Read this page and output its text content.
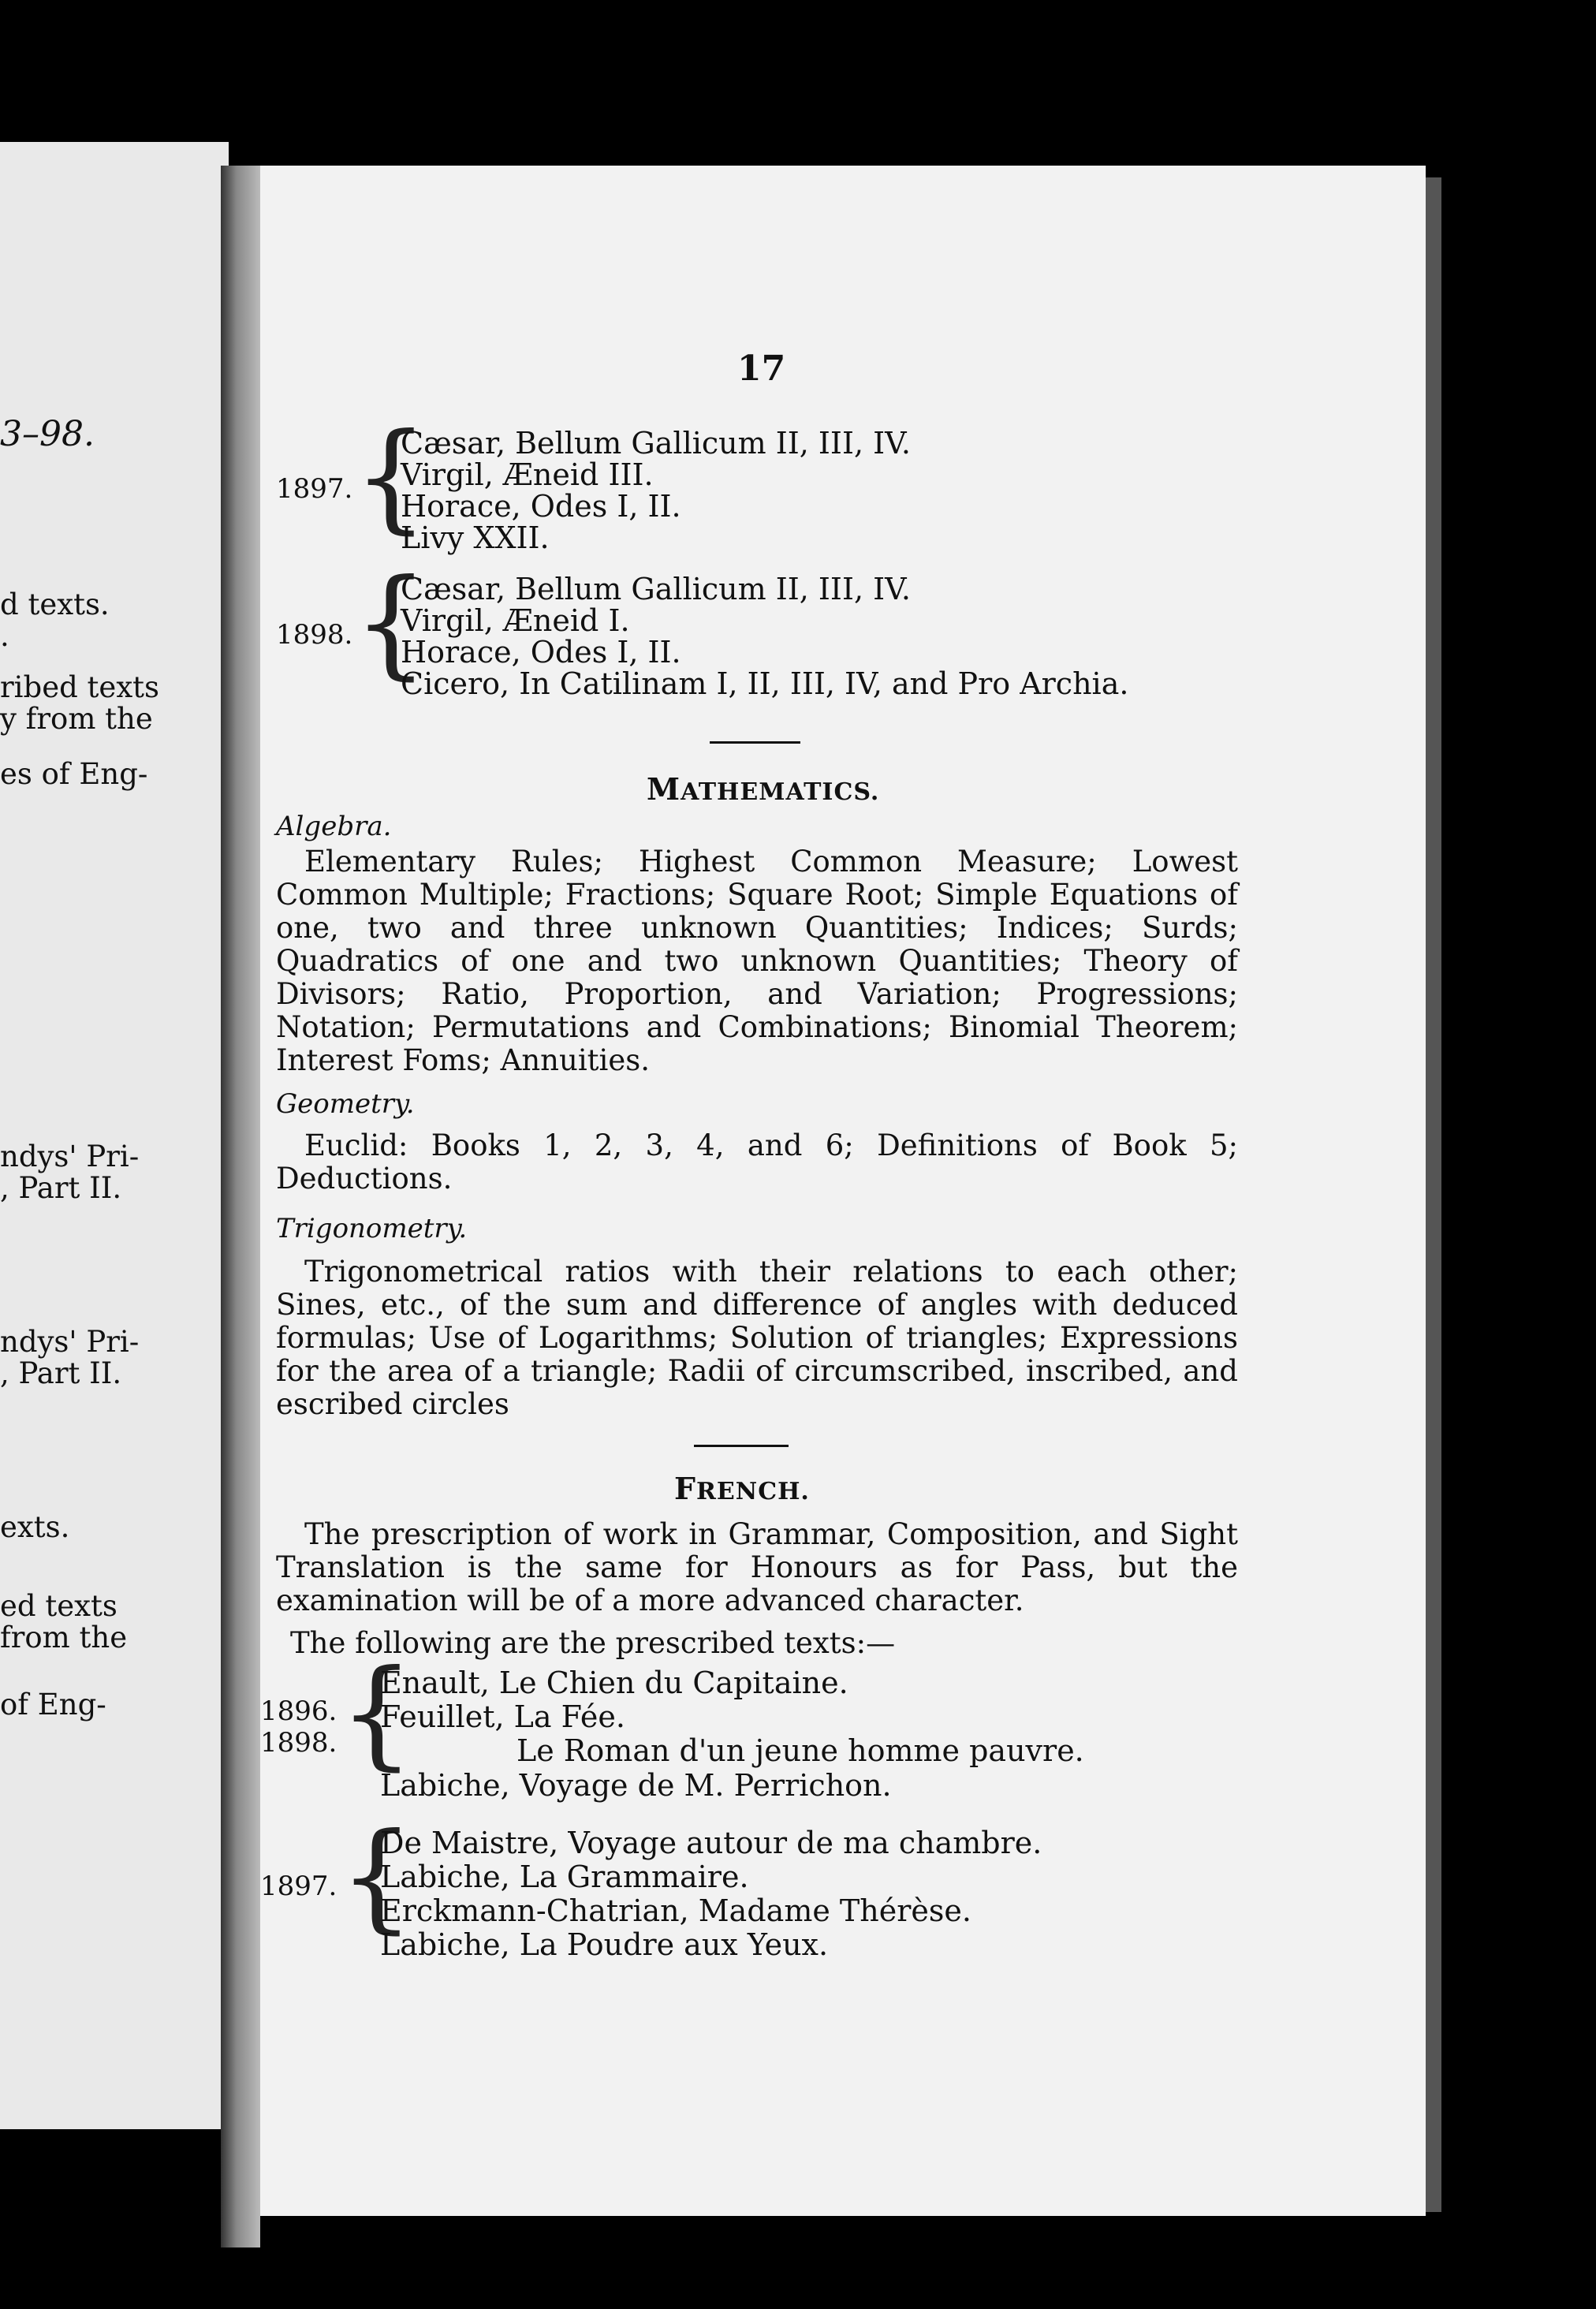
3–98.
d texts.
.
ribed texts
y from the
es of Eng-
ndys' Pri-
, Part II.
ndys' Pri-
, Part II.
exts.
ed texts
from the
of Eng-
17
1897. {
Cæsar, Bellum Gallicum II, III, IV.
Virgil, Æneid III.
Horace, Odes I, II.
Livy XXII.
1898. {
Cæsar, Bellum Gallicum II, III, IV.
Virgil, Æneid I.
Horace, Odes I, II.
Cicero, In Catilinam I, II, III, IV, and Pro Archia.
MATHEMATICS.
Algebra.
Elementary Rules; Highest Common Measure; Lowest Common Multiple; Fractions; Square Root; Simple Equations of one, two and three unknown Quantities; Indices; Surds; Quadratics of one and two unknown Quantities; Theory of Divisors; Ratio, Proportion, and Variation; Progressions; Notation; Permutations and Combinations; Binomial Theorem; Interest Foms; Annuities.
Geometry.
Euclid: Books 1, 2, 3, 4, and 6; Definitions of Book 5; Deductions.
Trigonometry.
Trigonometrical ratios with their relations to each other; Sines, etc., of the sum and difference of angles with deduced formulas; Use of Logarithms; Solution of triangles; Expressions for the area of a triangle; Radii of circumscribed, inscribed, and escribed circles
FRENCH.
The prescription of work in Grammar, Composition, and Sight Translation is the same for Honours as for Pass, but the examination will be of a more advanced character.
The following are the prescribed texts:—
1896.
1898. {
Enault, Le Chien du Capitaine.
Feuillet, La Fée.
Le Roman d'un jeune homme pauvre.
Labiche, Voyage de M. Perrichon.
1897. {
De Maistre, Voyage autour de ma chambre.
Labiche, La Grammaire.
Erckmann-Chatrian, Madame Thérèse.
Labiche, La Poudre aux Yeux.
